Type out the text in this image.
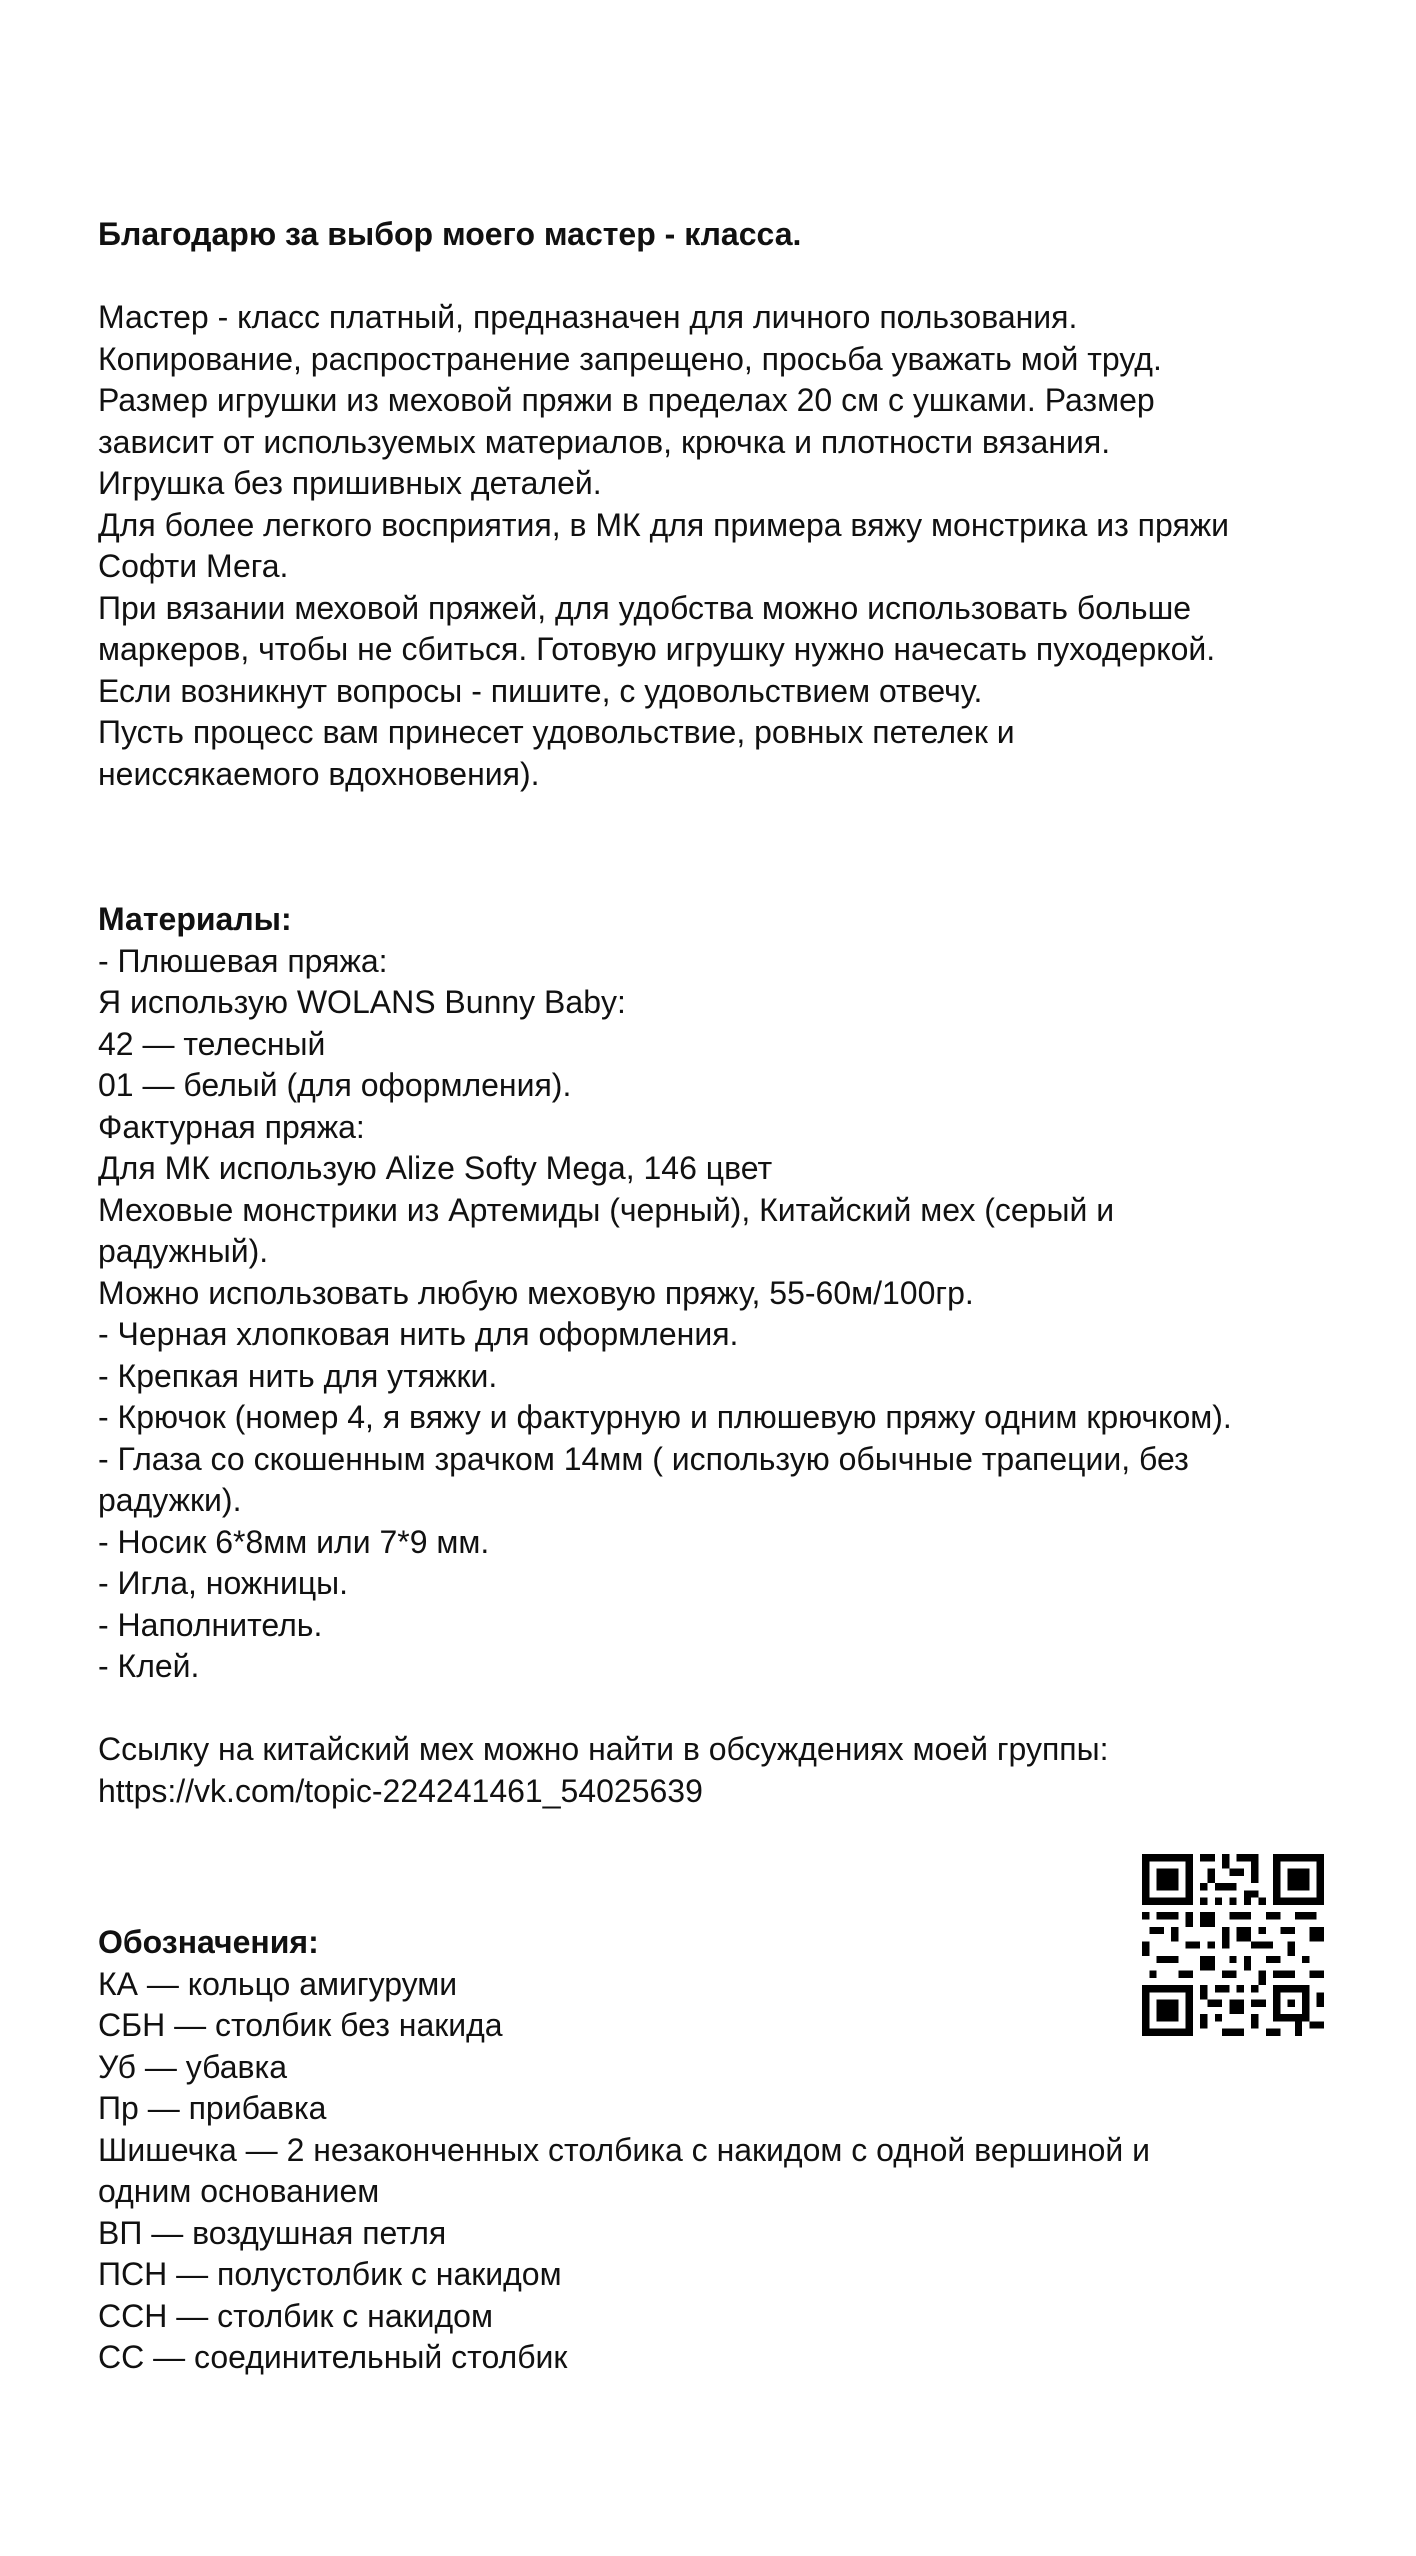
Благодарю за выбор моего мастер - класса.
Мастер - класс платный, предназначен для личного пользования.
Копирование, распространение запрещено, просьба уважать мой труд.
Размер игрушки из меховой пряжи в пределах 20 см с ушками. Размер
зависит от используемых материалов, крючка и плотности вязания.
Игрушка без пришивных деталей.
Для более легкого восприятия, в МК для примера вяжу монстрика из пряжи
Софти Мега.
При вязании меховой пряжей, для удобства можно использовать больше
маркеров, чтобы не сбиться. Готовую игрушку нужно начесать пуходеркой.
Если возникнут вопросы - пишите, с удовольствием отвечу.
Пусть процесс вам принесет удовольствие, ровных петелек и
неиссякаемого вдохновения).
Материалы:
- Плюшевая пряжа:
Я использую WOLANS Bunny Baby:
42 — телесный
01 — белый (для оформления).
Фактурная пряжа:
Для МК использую Alize Softy Mega, 146 цвет
Меховые монстрики из Артемиды (черный), Китайский мех (серый и
радужный).
Можно использовать любую меховую пряжу, 55-60м/100гр.
- Черная хлопковая нить для оформления.
- Крепкая нить для утяжки.
- Крючок (номер 4, я вяжу и фактурную и плюшевую пряжу одним крючком).
- Глаза со скошенным зрачком 14мм ( использую обычные трапеции, без
радужки).
- Носик 6*8мм или 7*9 мм.
- Игла, ножницы.
- Наполнитель.
- Клей.
Ссылку на китайский мех можно найти в обсуждениях моей группы:
https://vk.com/topic-224241461_54025639
Обозначения:
КА — кольцо амигуруми
СБН — столбик без накида
Уб — убавка
Пр — прибавка
Шишечка — 2 незаконченных столбика с накидом с одной вершиной и
одним основанием
ВП — воздушная петля
ПСН — полустолбик с накидом
ССН — столбик с накидом
СС — соединительный столбик
